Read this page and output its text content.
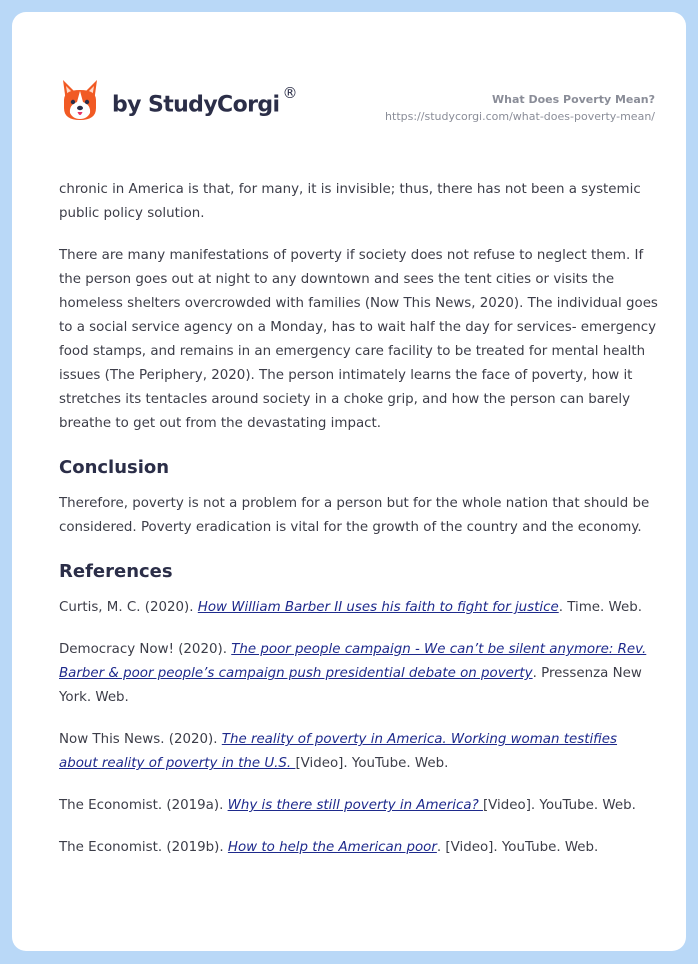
by StudyCorgi ®	What Does Poverty Mean?
https://studycorgi.com/what-does-poverty-mean/

chronic in America is that, for many, it is invisible; thus, there has not been a systemic public policy solution.

There are many manifestations of poverty if society does not refuse to neglect them. If the person goes out at night to any downtown and sees the tent cities or visits the homeless shelters overcrowded with families (Now This News, 2020). The individual goes to a social service agency on a Monday, has to wait half the day for services- emergency food stamps, and remains in an emergency care facility to be treated for mental health issues (The Periphery, 2020). The person intimately learns the face of poverty, how it stretches its tentacles around society in a choke grip, and how the person can barely breathe to get out from the devastating impact.

Conclusion

Therefore, poverty is not a problem for a person but for the whole nation that should be considered. Poverty eradication is vital for the growth of the country and the economy.

References

Curtis, M. C. (2020). How William Barber II uses his faith to fight for justice. Time. Web.

Democracy Now! (2020). The poor people campaign - We can’t be silent anymore: Rev. Barber & poor people’s campaign push presidential debate on poverty. Pressenza New York. Web.

Now This News. (2020). The reality of poverty in America. Working woman testifies about reality of poverty in the U.S. [Video]. YouTube. Web.

The Economist. (2019a). Why is there still poverty in America? [Video]. YouTube. Web.

The Economist. (2019b). How to help the American poor. [Video]. YouTube. Web.
